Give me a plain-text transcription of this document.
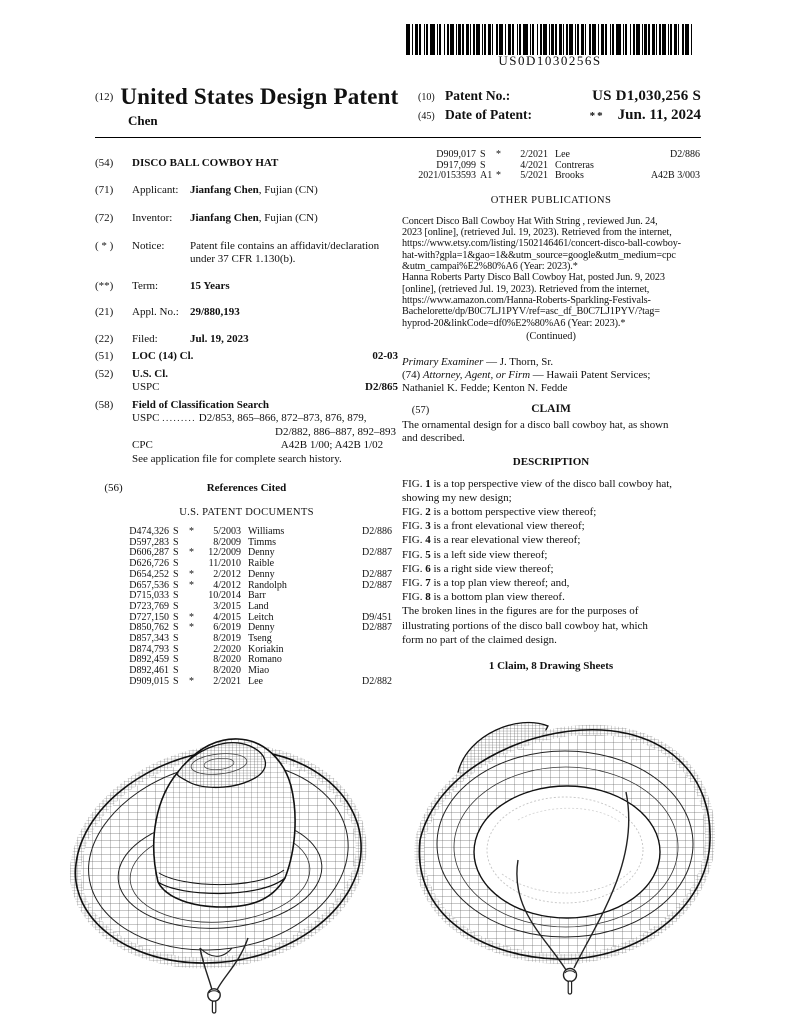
US0D1030256S
$^{(12)}$ United States Design Patent
Chen
(10) Patent No.:	US D1,030,256 S
(45) Date of Patent:	** Jun. 11, 2024
(54)	DISCO BALL COWBOY HAT
(71)	Applicant:	Jianfang Chen, Fujian (CN)
(72)	Inventor:	Jianfang Chen, Fujian (CN)
( * )	Notice:	Patent file contains an affidavit/declaration
under 37 CFR 1.130(b).
(**)	Term:	15 Years
(21)	Appl. No.:	29/880,193
(22)	Filed:	Jul. 19, 2023
(51)	LOC (14) Cl.	02-03
(52)	U.S. Cl.
USPC	D2/865
(58)	Field of Classification Search
USPC ......... D2/853, 865–866, 872–873, 876, 879,
D2/882, 886–887, 892–893
CPC	A42B 1/00; A42B 1/02
See application file for complete search history.
(56)	References Cited
U.S. PATENT DOCUMENTS
D474,326 S	*	5/2003 Williams	D2/886
D597,283 S	8/2009 Timms
D606,287 S	*	12/2009 Denny	D2/887
D626,726 S	11/2010 Raible
D654,252 S	*	2/2012 Denny	D2/887
D657,536 S	*	4/2012 Randolph	D2/887
D715,033 S	10/2014 Barr
D723,769 S	3/2015 Land
D727,150 S	*	4/2015 Leitch	D9/451
D850,762 S	*	6/2019 Denny	D2/887
D857,343 S	8/2019 Tseng
D874,793 S	2/2020 Koriakin
D892,459 S	8/2020 Romano
D892,461 S	8/2020 Miao
D909,015 S	*	2/2021 Lee	D2/882
D909,017 S	*	2/2021 Lee	D2/886
D917,099 S	4/2021 Contreras
2021/0153593 A1 *	5/2021 Brooks	A42B 3/003
OTHER PUBLICATIONS
Concert Disco Ball Cowboy Hat With String , reviewed Jun. 24,
2023 [online], (retrieved Jul. 19, 2023). Retrieved from the internet,
https://www.etsy.com/listing/1502146461/concert-disco-ball-cowboy-
hat-with?gpla=1&gao=1&&utm_source=google&utm_medium=cpc
&utm_campai%E2%80%A6 (Year: 2023).*
Hanna Roberts Party Disco Ball Cowboy Hat, posted Jun. 9, 2023
[online], (retrieved Jul. 19, 2023). Retrieved from the internet,
https://www.amazon.com/Hanna-Roberts-Sparkling-Festivals-
Bachelorette/dp/B0C7LJ1PYV/ref=asc_df_B0C7LJ1PYV/?tag=
hyprod-20&linkCode=df0%E2%80%A6 (Year: 2023).*
(Continued)
Primary Examiner — J. Thorn, Sr.
(74) Attorney, Agent, or Firm — Hawaii Patent Services;
Nathaniel K. Fedde; Kenton N. Fedde
(57)	CLAIM
The ornamental design for a disco ball cowboy hat, as shown
and described.
DESCRIPTION
FIG. 1 is a top perspective view of the disco ball cowboy hat,
showing my new design;
FIG. 2 is a bottom perspective view thereof;
FIG. 3 is a front elevational view thereof;
FIG. 4 is a rear elevational view thereof;
FIG. 5 is a left side view thereof;
FIG. 6 is a right side view thereof;
FIG. 7 is a top plan view thereof; and,
FIG. 8 is a bottom plan view thereof.
The broken lines in the figures are for the purposes of
illustrating portions of the disco ball cowboy hat, which
form no part of the claimed design.
1 Claim, 8 Drawing Sheets
